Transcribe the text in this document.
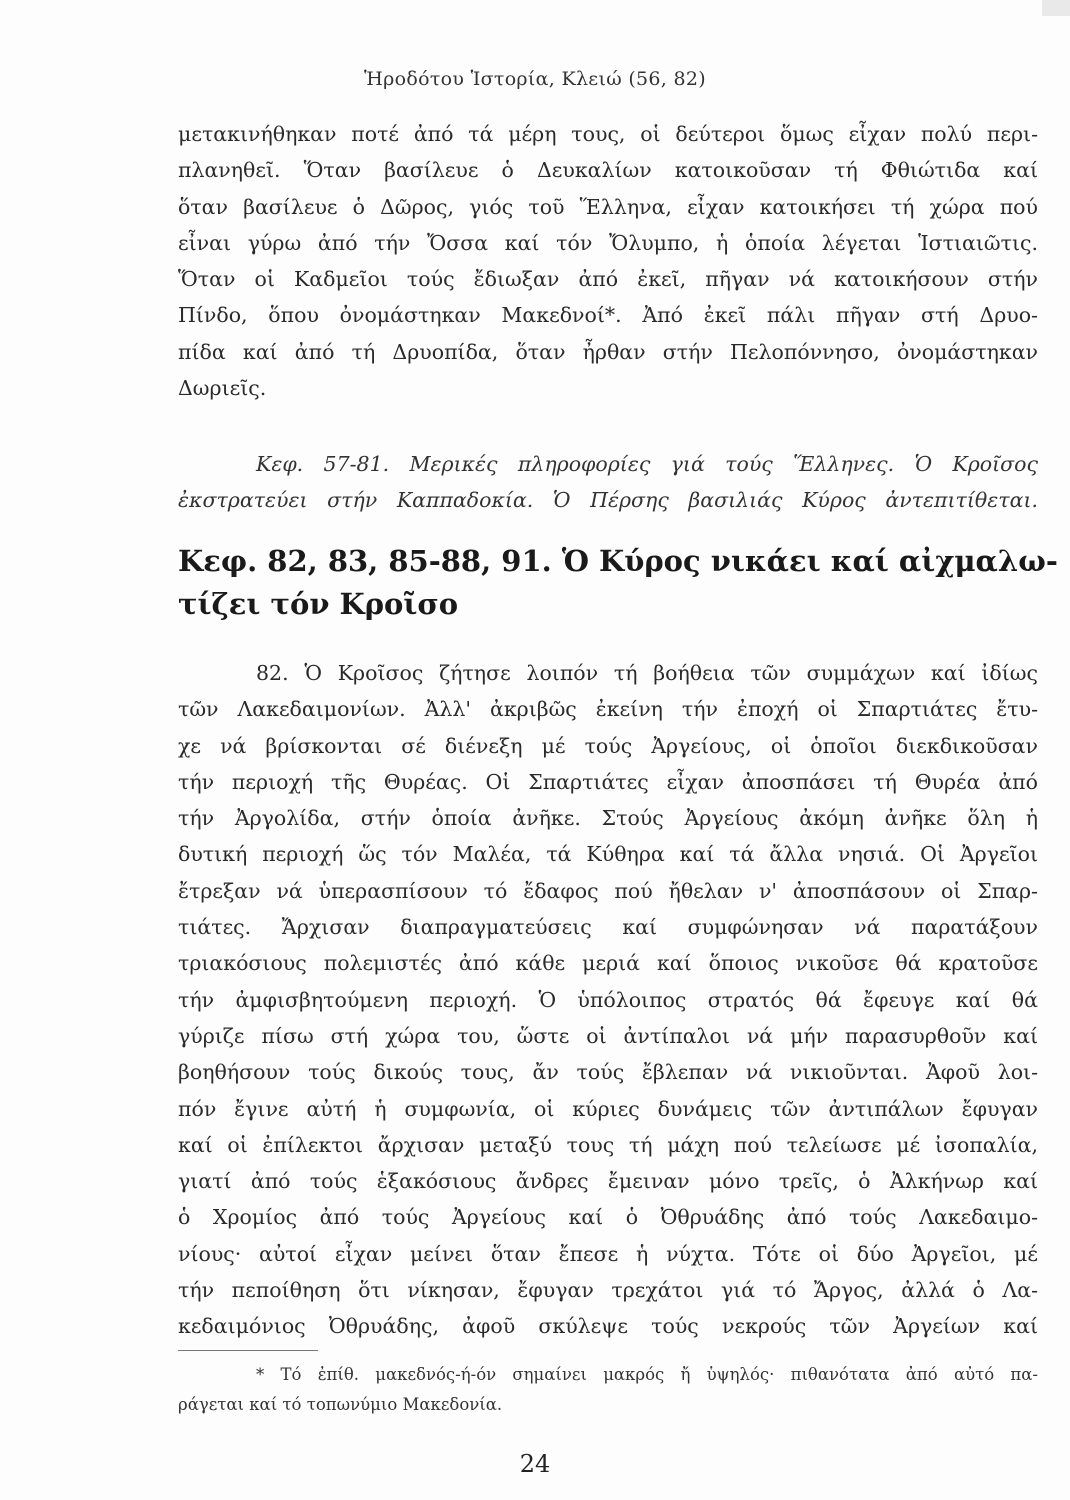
Ἡροδότου Ἱστορία, Κλειώ (56, 82)
μετακινήθηκαν ποτέ ἀπό τά μέρη τους, οἱ δεύτεροι ὅμως εἶχαν πολύ περι-
πλανηθεῖ. Ὅταν βασίλευε ὁ Δευκαλίων κατοικοῦσαν τή Φθιώτιδα καί
ὅταν βασίλευε ὁ Δῶρος, γιός τοῦ Ἕλληνα, εἶχαν κατοικήσει τή χώρα πού
εἶναι γύρω ἀπό τήν Ὄσσα καί τόν Ὄλυμπο, ἡ ὁποία λέγεται Ἱστιαιῶτις.
Ὅταν οἱ Καδμεῖοι τούς ἔδιωξαν ἀπό ἐκεῖ, πῆγαν νά κατοικήσουν στήν
Πίνδο, ὅπου ὀνομάστηκαν Μακεδνοί*. Ἀπό ἐκεῖ πάλι πῆγαν στή Δρυο-
πίδα καί ἀπό τή Δρυοπίδα, ὅταν ἦρθαν στήν Πελοπόννησο, ὀνομάστηκαν
Δωριεῖς.
Κεφ. 57-81. Μερικές πληροφορίες γιά τούς Ἕλληνες. Ὁ Κροῖσος
ἐκστρατεύει στήν Καππαδοκία. Ὁ Πέρσης βασιλιάς Κύρος ἀντεπιτίθεται.
Κεφ. 82, 83, 85-88, 91. Ὁ Κύρος νικάει καί αἰχμαλω-
τίζει τόν Κροῖσο
82. Ὁ Κροῖσος ζήτησε λοιπόν τή βοήθεια τῶν συμμάχων καί ἰδίως
τῶν Λακεδαιμονίων. Ἀλλ' ἀκριβῶς ἐκείνη τήν ἐποχή οἱ Σπαρτιάτες ἔτυ-
χε νά βρίσκονται σέ διένεξη μέ τούς Ἀργείους, οἱ ὁποῖοι διεκδικοῦσαν
τήν περιοχή τῆς Θυρέας. Οἱ Σπαρτιάτες εἶχαν ἀποσπάσει τή Θυρέα ἀπό
τήν Ἀργολίδα, στήν ὁποία ἀνῆκε. Στούς Ἀργείους ἀκόμη ἀνῆκε ὅλη ἡ
δυτική περιοχή ὥς τόν Μαλέα, τά Κύθηρα καί τά ἄλλα νησιά. Οἱ Ἀργεῖοι
ἔτρεξαν νά ὑπερασπίσουν τό ἔδαφος πού ἤθελαν ν' ἀποσπάσουν οἱ Σπαρ-
τιάτες. Ἄρχισαν διαπραγματεύσεις καί συμφώνησαν νά παρατάξουν
τριακόσιους πολεμιστές ἀπό κάθε μεριά καί ὅποιος νικοῦσε θά κρατοῦσε
τήν ἀμφισβητούμενη περιοχή. Ὁ ὑπόλοιπος στρατός θά ἔφευγε καί θά
γύριζε πίσω στή χώρα του, ὥστε οἱ ἀντίπαλοι νά μήν παρασυρθοῦν καί
βοηθήσουν τούς δικούς τους, ἄν τούς ἔβλεπαν νά νικιοῦνται. Ἀφοῦ λοι-
πόν ἔγινε αὐτή ἡ συμφωνία, οἱ κύριες δυνάμεις τῶν ἀντιπάλων ἔφυγαν
καί οἱ ἐπίλεκτοι ἄρχισαν μεταξύ τους τή μάχη πού τελείωσε μέ ἰσοπαλία,
γιατί ἀπό τούς ἑξακόσιους ἄνδρες ἔμειναν μόνο τρεῖς, ὁ Ἀλκήνωρ καί
ὁ Χρομίος ἀπό τούς Ἀργείους καί ὁ Ὀθρυάδης ἀπό τούς Λακεδαιμο-
νίους· αὐτοί εἶχαν μείνει ὅταν ἔπεσε ἡ νύχτα. Τότε οἱ δύο Ἀργεῖοι, μέ
τήν πεποίθηση ὅτι νίκησαν, ἔφυγαν τρεχάτοι γιά τό Ἄργος, ἀλλά ὁ Λα-
κεδαιμόνιος Ὀθρυάδης, ἀφοῦ σκύλεψε τούς νεκρούς τῶν Ἀργείων καί
* Τό ἐπίθ. μακεδνός-ή-όν σημαίνει μακρός ἤ ὑψηλός· πιθανότατα ἀπό αὐτό πα-
ράγεται καί τό τοπωνύμιο Μακεδονία.
24
